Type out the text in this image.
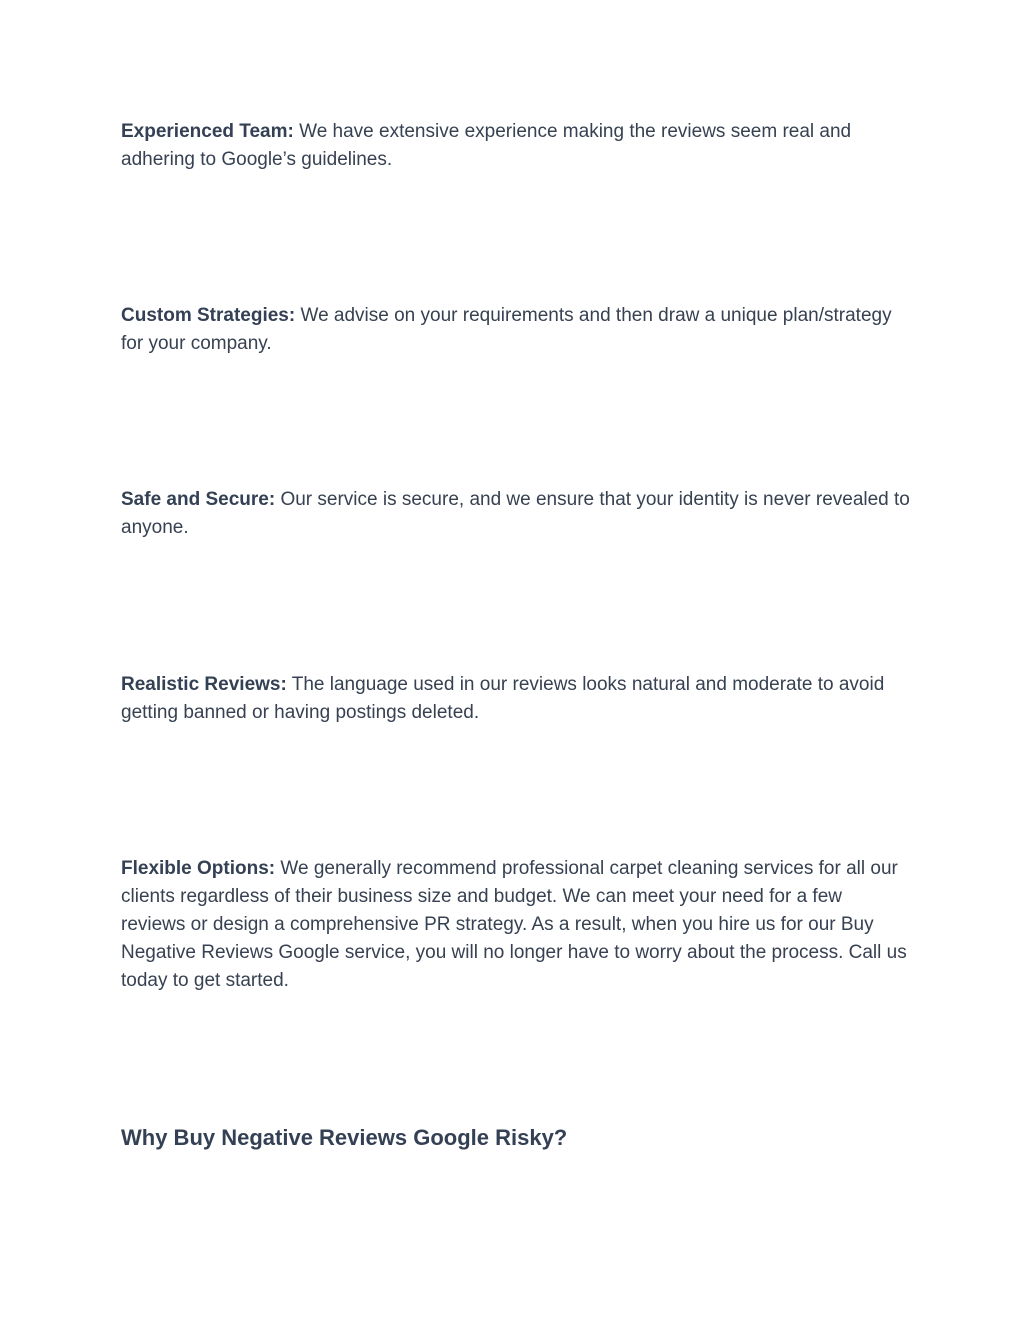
Experienced Team: We have extensive experience making the reviews seem real and adhering to Google’s guidelines.

Custom Strategies: We advise on your requirements and then draw a unique plan/strategy for your company.

Safe and Secure: Our service is secure, and we ensure that your identity is never revealed to anyone.

Realistic Reviews: The language used in our reviews looks natural and moderate to avoid getting banned or having postings deleted.

Flexible Options: We generally recommend professional carpet cleaning services for all our clients regardless of their business size and budget. We can meet your need for a few reviews or design a comprehensive PR strategy. As a result, when you hire us for our Buy Negative Reviews Google service, you will no longer have to worry about the process. Call us today to get started.

Why Buy Negative Reviews Google Risky?
